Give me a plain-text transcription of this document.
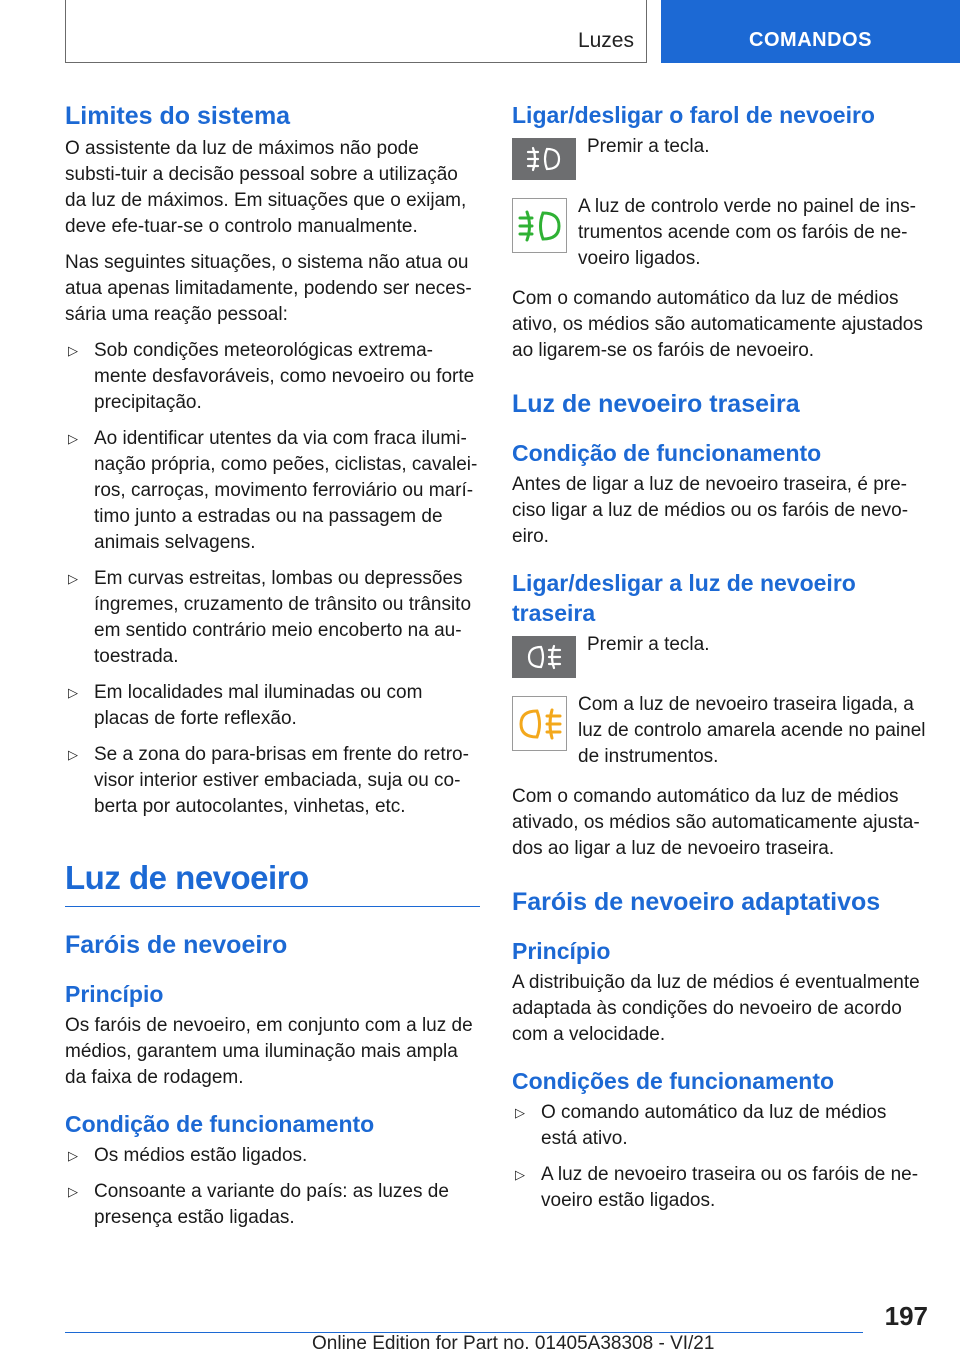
Luzes	COMANDOS
Limites do sistema

O assistente da luz de máximos não pode substi‐tuir a decisão pessoal sobre a utilização da luz de máximos. Em situações que o exijam, deve efe‐tuar-se o controlo manualmente.

Nas seguintes situações, o sistema não atua ou atua apenas limitadamente, podendo ser neces‐sária uma reação pessoal:

▷ Sob condições meteorológicas extrema‐mente desfavoráveis, como nevoeiro ou forte precipitação.
▷ Ao identificar utentes da via com fraca ilumi‐nação própria, como peões, ciclistas, cavalei‐ros, carroças, movimento ferroviário ou marí‐timo junto a estradas ou na passagem de animais selvagens.
▷ Em curvas estreitas, lombas ou depressões íngremes, cruzamento de trânsito ou trânsito em sentido contrário meio encoberto na au‐toestrada.
▷ Em localidades mal iluminadas ou com placas de forte reflexão.
▷ Se a zona do para-brisas em frente do retro‐visor interior estiver embaciada, suja ou co‐berta por autocolantes, vinhetas, etc.
Luz de nevoeiro
Faróis de nevoeiro
Princípio

Os faróis de nevoeiro, em conjunto com a luz de médios, garantem uma iluminação mais ampla da faixa de rodagem.

Condição de funcionamento
▷ Os médios estão ligados.
▷ Consoante a variante do país: as luzes de presença estão ligadas.
Ligar/desligar o farol de nevoeiro
Premir a tecla.
A luz de controlo verde no painel de ins‐trumentos acende com os faróis de ne‐voeiro ligados.

Com o comando automático da luz de médios ativo, os médios são automaticamente ajustados ao ligarem-se os faróis de nevoeiro.

Luz de nevoeiro traseira
Condição de funcionamento

Antes de ligar a luz de nevoeiro traseira, é pre‐ciso ligar a luz de médios ou os faróis de nevo‐eiro.

Ligar/desligar a luz de nevoeiro traseira
Premir a tecla.
Com a luz de nevoeiro traseira ligada, a luz de controlo amarela acende no painel de instrumentos.

Com o comando automático da luz de médios ativado, os médios são automaticamente ajusta‐dos ao ligar a luz de nevoeiro traseira.

Faróis de nevoeiro adaptativos
Princípio

A distribuição da luz de médios é eventualmente adaptada às condições do nevoeiro de acordo com a velocidade.

Condições de funcionamento
▷ O comando automático da luz de médios está ativo.
▷ A luz de nevoeiro traseira ou os faróis de ne‐voeiro estão ligados.
197
Online Edition for Part no. 01405A38308 - VI/21
